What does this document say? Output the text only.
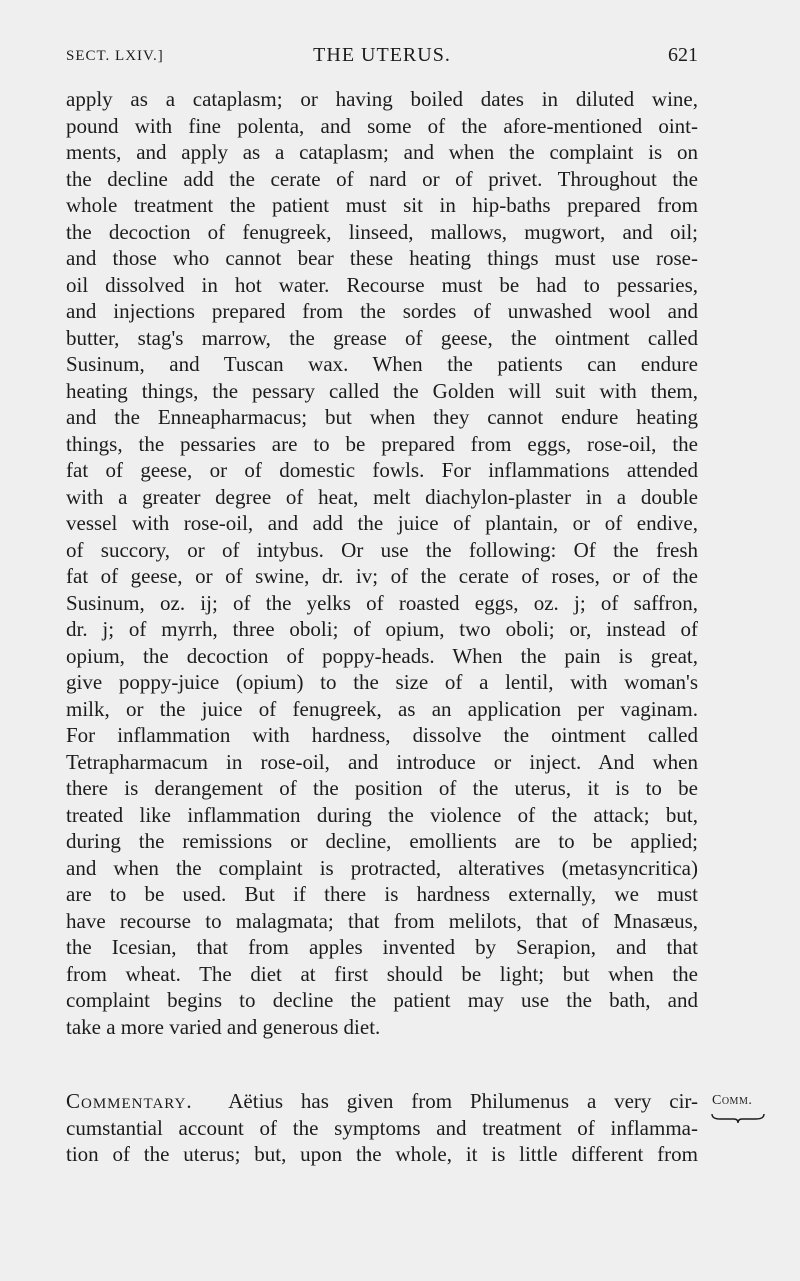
SECT. LXIV.]	THE UTERUS.	621
apply as a cataplasm; or having boiled dates in diluted wine,
pound with fine polenta, and some of the afore-mentioned oint-
ments, and apply as a cataplasm; and when the complaint is on
the decline add the cerate of nard or of privet. Throughout the
whole treatment the patient must sit in hip-baths prepared from
the decoction of fenugreek, linseed, mallows, mugwort, and oil;
and those who cannot bear these heating things must use rose-
oil dissolved in hot water. Recourse must be had to pessaries,
and injections prepared from the sordes of unwashed wool and
butter, stag's marrow, the grease of geese, the ointment called
Susinum, and Tuscan wax. When the patients can endure
heating things, the pessary called the Golden will suit with them,
and the Enneapharmacus; but when they cannot endure heating
things, the pessaries are to be prepared from eggs, rose-oil, the
fat of geese, or of domestic fowls. For inflammations attended
with a greater degree of heat, melt diachylon-plaster in a double
vessel with rose-oil, and add the juice of plantain, or of endive,
of succory, or of intybus. Or use the following: Of the fresh
fat of geese, or of swine, dr. iv; of the cerate of roses, or of the
Susinum, oz. ij; of the yelks of roasted eggs, oz. j; of saffron,
dr. j; of myrrh, three oboli; of opium, two oboli; or, instead of
opium, the decoction of poppy-heads. When the pain is great,
give poppy-juice (opium) to the size of a lentil, with woman's
milk, or the juice of fenugreek, as an application per vaginam.
For inflammation with hardness, dissolve the ointment called
Tetrapharmacum in rose-oil, and introduce or inject. And when
there is derangement of the position of the uterus, it is to be
treated like inflammation during the violence of the attack; but,
during the remissions or decline, emollients are to be applied;
and when the complaint is protracted, alteratives (metasyncritica)
are to be used. But if there is hardness externally, we must
have recourse to malagmata; that from melilots, that of Mnasæus,
the Icesian, that from apples invented by Serapion, and that
from wheat. The diet at first should be light; but when the
complaint begins to decline the patient may use the bath, and
take a more varied and generous diet.
Commentary. Aëtius has given from Philumenus a very cir-
cumstantial account of the symptoms and treatment of inflamma-
tion of the uterus; but, upon the whole, it is little different from
Comm.
